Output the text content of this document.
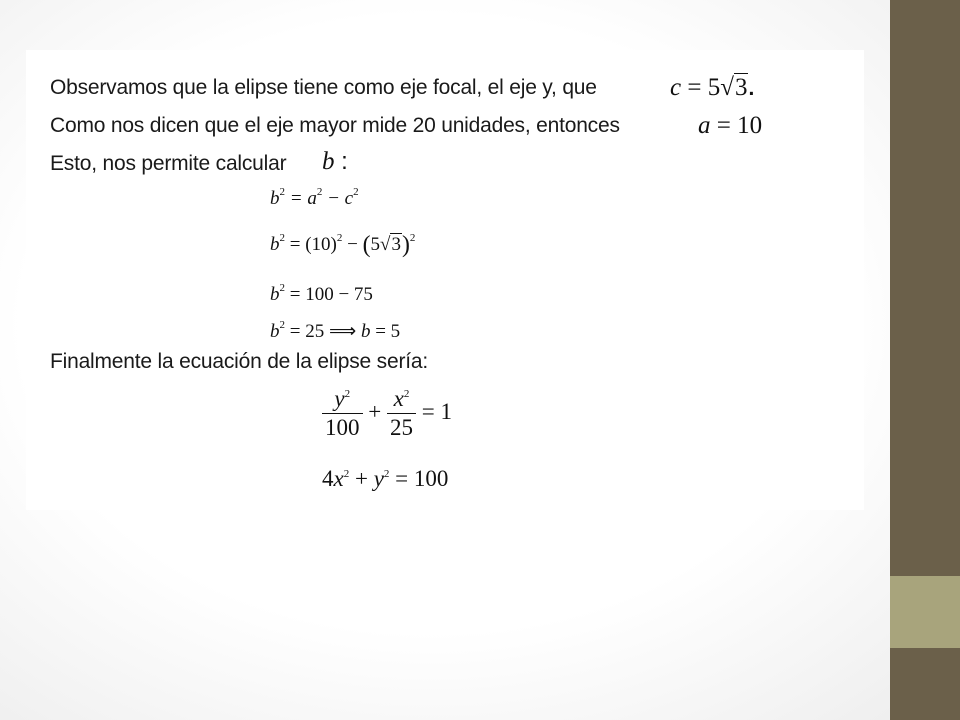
Observamos que la elipse tiene como eje focal, el eje y, que	c = 5√3.
Como nos dicen que el eje mayor mide 20 unidades, entonces	a = 10
Esto, nos permite calcular b :
$b^2 = a^2 - c^2$
$b^2 = (10)^2 - (5√3)^2$
$b^2 = 100 - 75$
$b^2 = 25$ ⟹ b = 5
Finalmente la ecuación de la elipse sería:
$\frac{y^2}{100} + \frac{x^2}{25} = 1$
$4x^2 + y^2 = 100$
